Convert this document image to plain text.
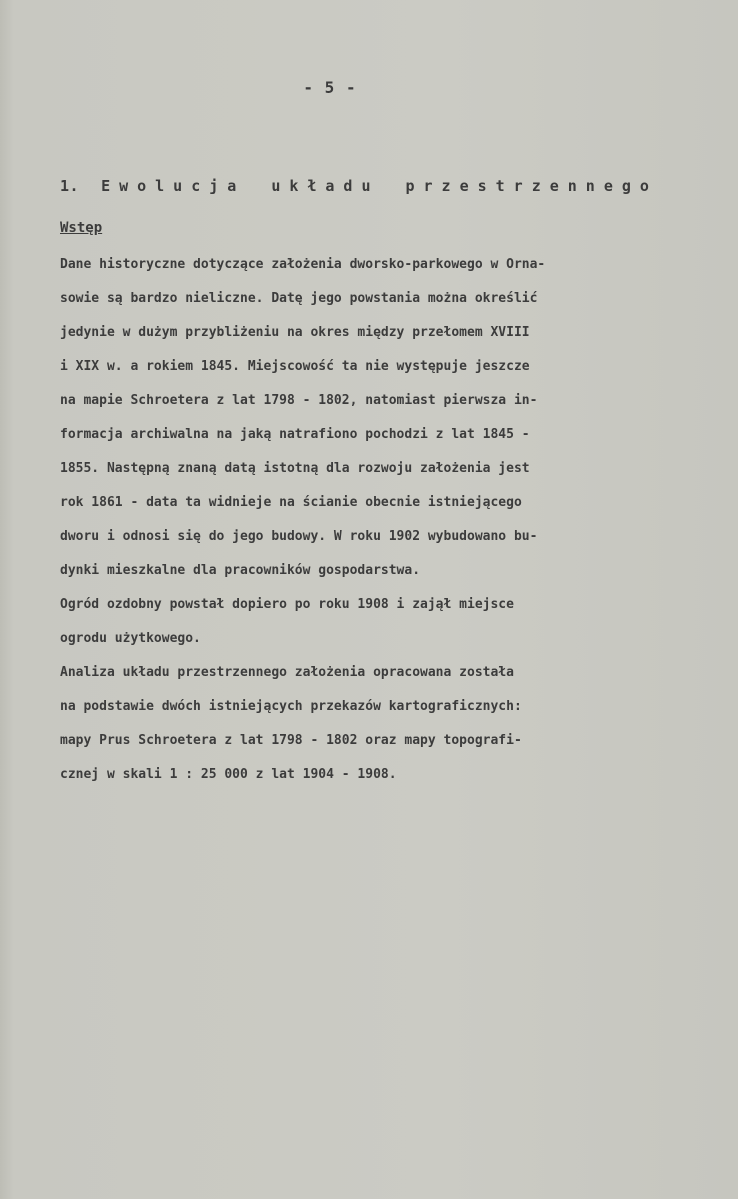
- 5 -
1. Ewolucja układu przestrzennego
Wstęp
Dane historyczne dotyczące założenia dworsko-parkowego w Orna-
sowie są bardzo nieliczne. Datę jego powstania można określić
jedynie w dużym przybliżeniu na okres między przełomem XVIII
i XIX w. a rokiem 1845. Miejscowość ta nie występuje jeszcze
na mapie Schroetera z lat 1798 - 1802, natomiast pierwsza in-
formacja archiwalna na jaką natrafiono pochodzi z lat 1845 -
1855. Następną znaną datą istotną dla rozwoju założenia jest
rok 1861 - data ta widnieje na ścianie obecnie istniejącego
dworu i odnosi się do jego budowy. W roku 1902 wybudowano bu-
dynki mieszkalne dla pracowników gospodarstwa.
Ogród ozdobny powstał dopiero po roku 1908 i zajął miejsce
ogrodu użytkowego.
Analiza układu przestrzennego założenia opracowana została
na podstawie dwóch istniejących przekazów kartograficznych:
mapy Prus Schroetera z lat 1798 - 1802 oraz mapy topografi-
cznej w skali 1 : 25 000 z lat 1904 - 1908.
